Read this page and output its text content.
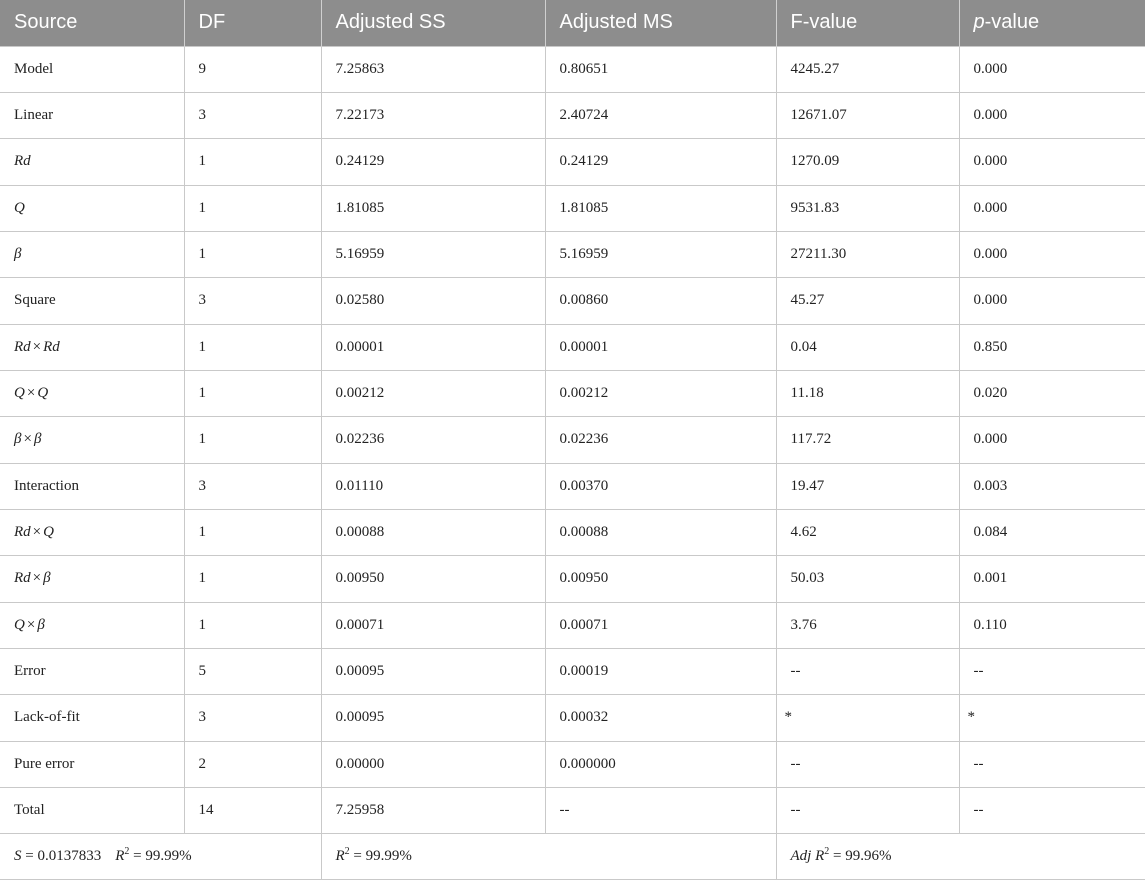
Source	DF	Adjusted SS	Adjusted MS	F-value	p-value
Model	9	7.25863	0.80651	4245.27	0.000
Linear	3	7.22173	2.40724	12671.07	0.000
Rd	1	0.24129	0.24129	1270.09	0.000
Q	1	1.81085	1.81085	9531.83	0.000
β	1	5.16959	5.16959	27211.30	0.000
Square	3	0.02580	0.00860	45.27	0.000
Rd × Rd	1	0.00001	0.00001	0.04	0.850
Q × Q	1	0.00212	0.00212	11.18	0.020
β × β	1	0.02236	0.02236	117.72	0.000
Interaction	3	0.01110	0.00370	19.47	0.003
Rd × Q	1	0.00088	0.00088	4.62	0.084
Rd × β	1	0.00950	0.00950	50.03	0.001
Q × β	1	0.00071	0.00071	3.76	0.110
Error	5	0.00095	0.00019	--	--
Lack-of-fit	3	0.00095	0.00032	*	*
Pure error	2	0.00000	0.000000	--	--
Total	14	7.25958	--	--	--
S = 0.0137833 $R^2 = 99.99\%$		$R^2 = 99.99\%$		Adj $R^2 = 99.96\%$	
